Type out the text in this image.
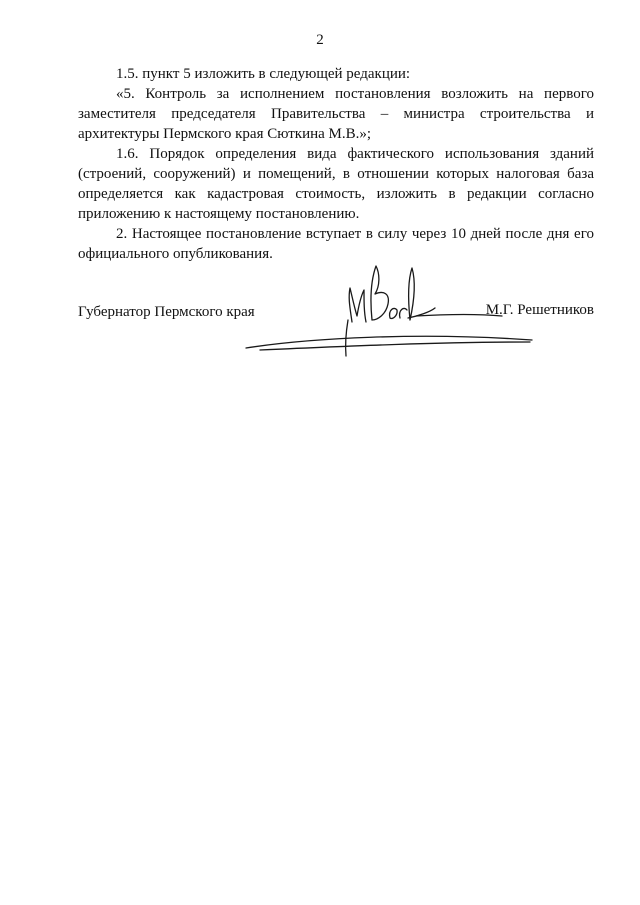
2

1.5. пункт 5 изложить в следующей редакции:

«5. Контроль за исполнением постановления возложить на первого заместителя председателя Правительства – министра строительства и архитектуры Пермского края Сюткина М.В.»;

1.6. Порядок определения вида фактического использования зданий (строений, сооружений) и помещений, в отношении которых налоговая база определяется как кадастровая стоимость, изложить в редакции согласно приложению к настоящему постановлению.

2. Настоящее постановление вступает в силу через 10 дней после дня его официального опубликования.

Губернатор Пермского края	М.Г. Решетников
